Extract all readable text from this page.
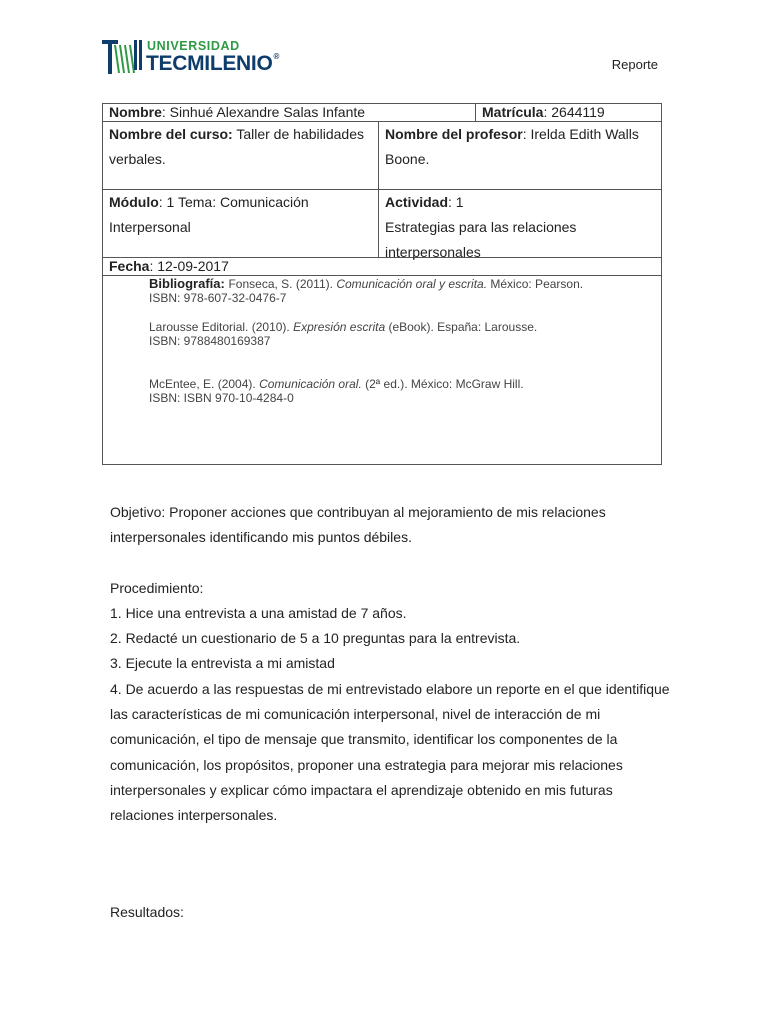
UNIVERSIDAD
TECMILENIO®
Reporte
Nombre: Sinhué Alexandre Salas Infante	Matrícula: 2644119
Nombre del curso: Taller de habilidades verbales.
Nombre del profesor: Irelda Edith Walls Boone.
Módulo: 1 Tema: Comunicación Interpersonal
Actividad: 1
Estrategias para las relaciones interpersonales
Fecha: 12-09-2017

Bibliografía: Fonseca, S. (2011). Comunicación oral y escrita. México: Pearson.
ISBN: 978-607-32-0476-7

Larousse Editorial. (2010). Expresión escrita (eBook). España: Larousse.
ISBN: 9788480169387

McEntee, E. (2004). Comunicación oral. (2ª ed.). México: McGraw Hill.
ISBN: ISBN 970-10-4284-0

Objetivo: Proponer acciones que contribuyan al mejoramiento de mis relaciones interpersonales identificando mis puntos débiles.

Procedimiento:

1. Hice una entrevista a una amistad de 7 años.

2. Redacté un cuestionario de 5 a 10 preguntas para la entrevista.

3. Ejecute la entrevista a mi amistad

4. De acuerdo a las respuestas de mi entrevistado elabore un reporte en el que identifique las características de mi comunicación interpersonal, nivel de interacción de mi comunicación, el tipo de mensaje que transmito, identificar los componentes de la comunicación, los propósitos, proponer una estrategia para mejorar mis relaciones interpersonales y explicar cómo impactara el aprendizaje obtenido en mis futuras relaciones interpersonales.

Resultados:
